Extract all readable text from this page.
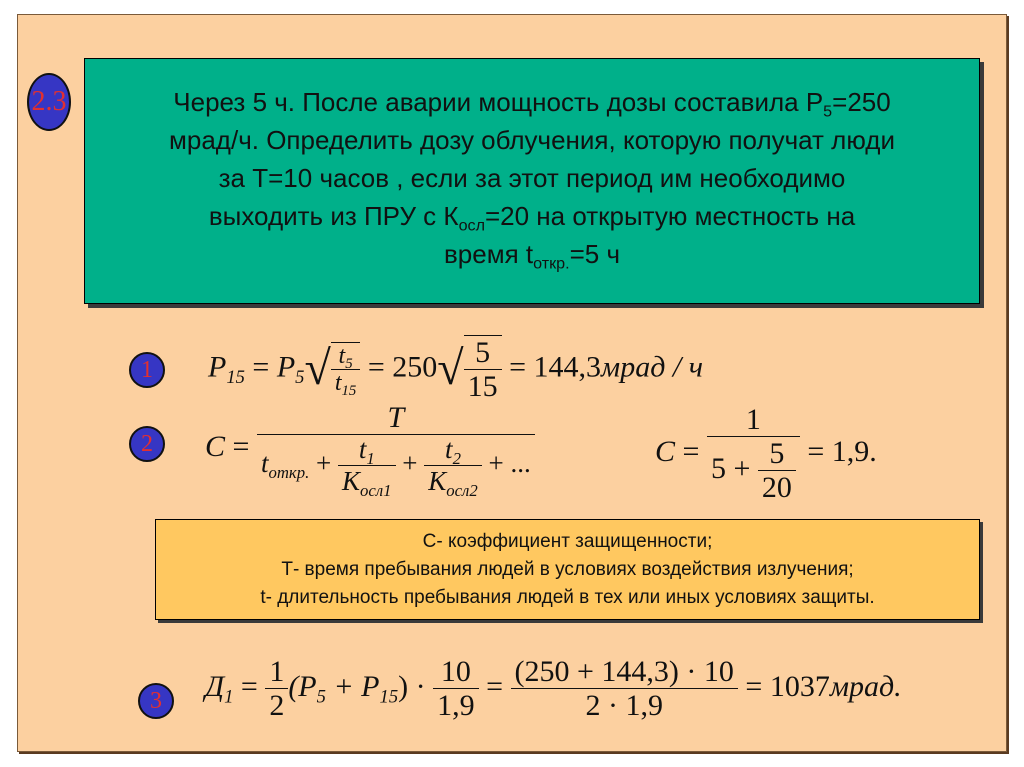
2.3	Через 5 ч. После аварии мощность дозы составила $Р_5=250$
мрад/ч. Определить дозу облучения, которую получат люди
за Т=10 часов , если за этот период им необходимо
выходить из ПРУ с $К_{осл}=20$ на открытую местность на
время $t_{откр.}=5$ ч
1	$P_{15} = P_5√ \frac{t_5}{t_{15}} = 250√ \frac{5}{15}$ = 144,3мрад / ч
2	C =
T
$t_{откр.} + \frac{t_1}{K_{осл1}} + \frac{t_2}{K_{осл2}}$ + ...	$C = \frac{1}{5 + \frac{5}{20}} = 1,9$.
С- коэффициент защищенности;
Т- время пребывания людей в условиях воздействия излучения;
t- длительность пребывания людей в тех или иных условиях защиты.
3	$Д_1 = \frac{1}{2} (P_5 + P_{15}) \cdot \frac{10}{1,9} = \frac{(250 + 144,3) \cdot 10}{2 \cdot 1,9}$ = 1037мрад.
